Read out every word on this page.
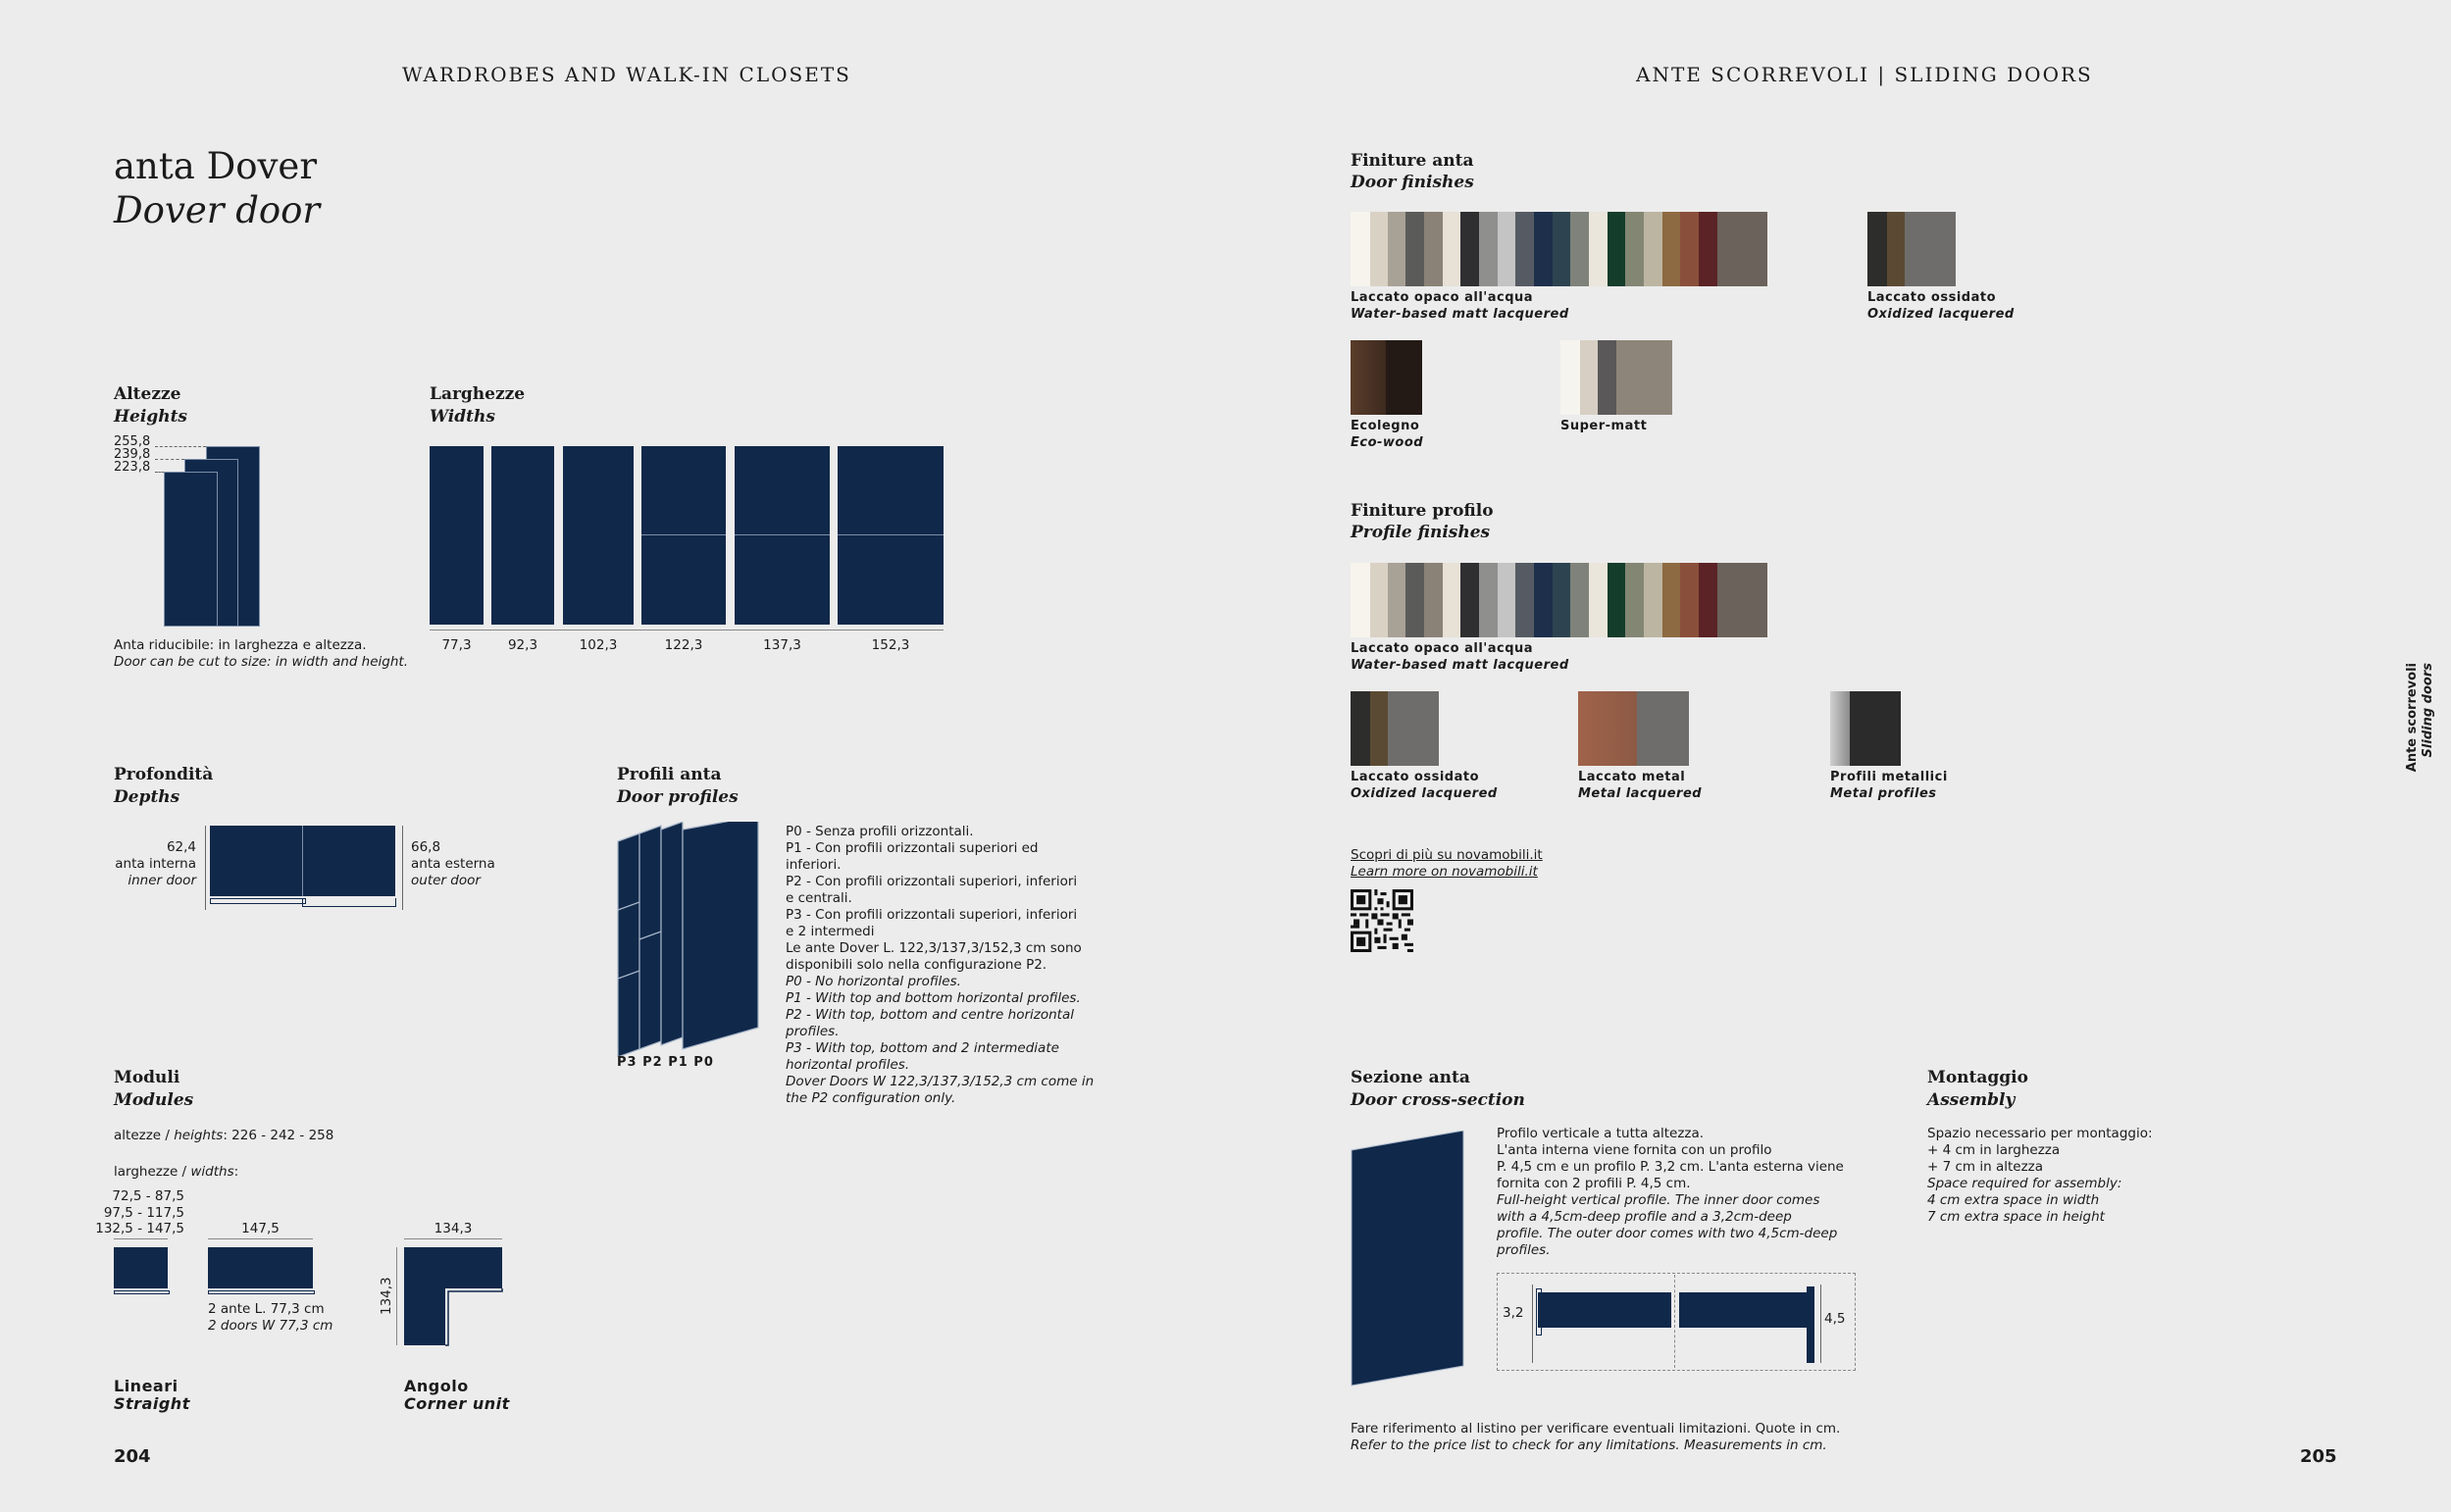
WARDROBES AND WALK-IN CLOSETS
anta Dover
Dover door
Altezze
Heights
255,8
239,8
223,8
Larghezze
Widths
77,3	92,3	102,3	122,3	137,3	152,3
Anta riducibile: in larghezza e altezza.
Door can be cut to size: in width and height.
Profondità
Depths
62,4
anta interna
inner door
66,8
anta esterna
outer door
Profili anta
Door profiles
P3 P2 P1 P0
P0 - Senza profili orizzontali.
P1 - Con profili orizzontali superiori ed
inferiori.
P2 - Con profili orizzontali superiori, inferiori
e centrali.
P3 - Con profili orizzontali superiori, inferiori
e 2 intermedi
Le ante Dover L. 122,3/137,3/152,3 cm sono
disponibili solo nella configurazione P2.
P0 - No horizontal profiles.
P1 - With top and bottom horizontal profiles.
P2 - With top, bottom and centre horizontal
profiles.
P3 - With top, bottom and 2 intermediate
horizontal profiles.
Dover Doors W 122,3/137,3/152,3 cm come in
the P2 configuration only.
Moduli
Modules
altezze / heights: 226 - 242 - 258
larghezze / widths:
72,5 - 87,5
97,5 - 117,5
132,5 - 147,5	147,5
2 ante L. 77,3 cm
2 doors W 77,3 cm
134,3
134,3
Lineari
Straight
Angolo
Corner unit
204
ANTE SCORREVOLI | SLIDING DOORS
Finiture anta
Door finishes
Laccato opaco all'acqua
Water-based matt lacquered
Laccato ossidato
Oxidized lacquered
Ecolegno
Eco-wood
Super-matt
Finiture profilo
Profile finishes
Laccato opaco all'acqua
Water-based matt lacquered
Laccato ossidato
Oxidized lacquered
Laccato metal
Metal lacquered
Profili metallici
Metal profiles
Scopri di più su novamobili.it
Learn more on novamobili.it
Sezione anta
Door cross-section
Profilo verticale a tutta altezza.
L'anta interna viene fornita con un profilo
P. 4,5 cm e un profilo P. 3,2 cm. L'anta esterna viene
fornita con 2 profili P. 4,5 cm.
Full-height vertical profile. The inner door comes
with a 4,5cm-deep profile and a 3,2cm-deep
profile. The outer door comes with two 4,5cm-deep
profiles.
3,2	4,5
Montaggio
Assembly
Spazio necessario per montaggio:
+ 4 cm in larghezza
+ 7 cm in altezza
Space required for assembly:
4 cm extra space in width
7 cm extra space in height
Fare riferimento al listino per verificare eventuali limitazioni. Quote in cm.
Refer to the price list to check for any limitations. Measurements in cm.
Ante scorrevoli Sliding doors
205
